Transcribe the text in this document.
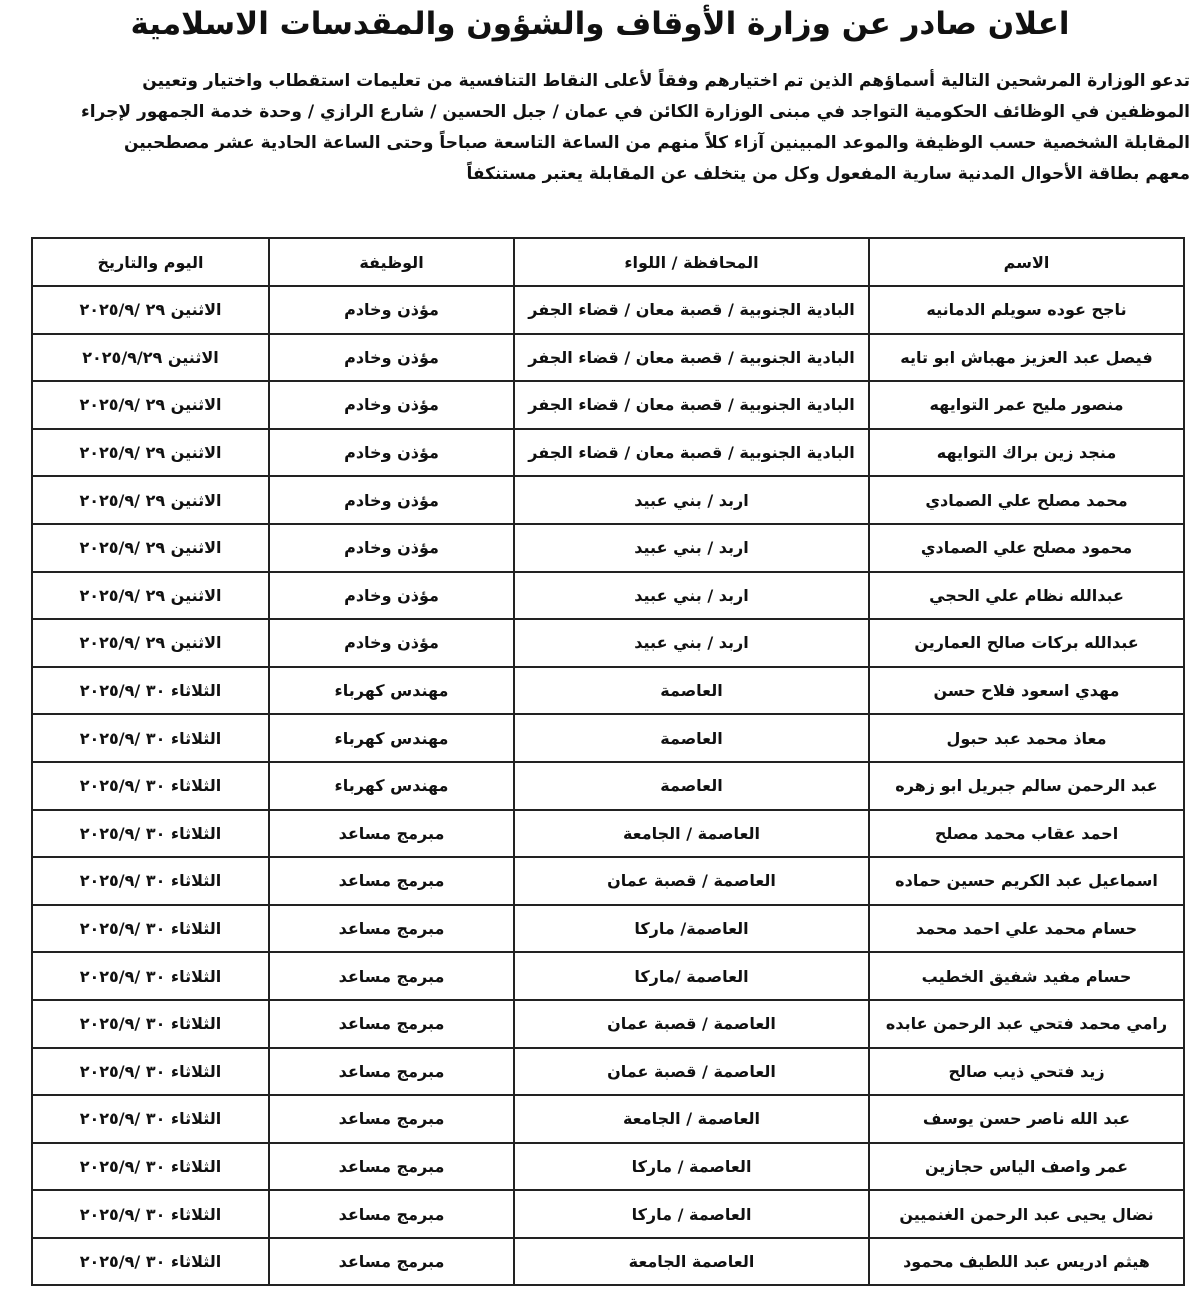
اعلان صادر عن وزارة الأوقاف والشؤون والمقدسات الاسلامية
تدعو الوزارة المرشحين التالية أسماؤهم الذين تم اختيارهم وفقاً لأعلى النقاط التنافسية من تعليمات استقطاب واختيار وتعيين
الموظفين في الوظائف الحكومية التواجد في مبنى الوزارة الكائن في عمان / جبل الحسين / شارع الرازي / وحدة خدمة الجمهور لإجراء
المقابلة الشخصية حسب الوظيفة والموعد المبينين آزاء كلاً منهم من الساعة التاسعة صباحاً وحتى الساعة الحادية عشر مصطحبين
معهم بطاقة الأحوال المدنية سارية المفعول وكل من يتخلف عن المقابلة يعتبر مستنكفاً
الاسم	المحافظة / اللواء	الوظيفة	اليوم والتاريخ
ناجح عوده سويلم الدمانيه	البادية الجنوبية / قصبة معان / قضاء الجفر	مؤذن وخادم	الاثنين ٢٩ /٢٠٢٥/٩
فيصل عبد العزيز مهباش ابو تايه	البادية الجنوبية / قصبة معان / قضاء الجفر	مؤذن وخادم	الاثنين ٢٠٢٥/٩/٢٩
منصور مليح عمر التوايهه	البادية الجنوبية / قصبة معان / قضاء الجفر	مؤذن وخادم	الاثنين ٢٩ /٢٠٢٥/٩
منجد زين براك التوايهه	البادية الجنوبية / قصبة معان / قضاء الجفر	مؤذن وخادم	الاثنين ٢٩ /٢٠٢٥/٩
محمد مصلح علي الصمادي	اربد / بني عبيد	مؤذن وخادم	الاثنين ٢٩ /٢٠٢٥/٩
محمود مصلح علي الصمادي	اربد / بني عبيد	مؤذن وخادم	الاثنين ٢٩ /٢٠٢٥/٩
عبدالله نظام علي الحجي	اربد / بني عبيد	مؤذن وخادم	الاثنين ٢٩ /٢٠٢٥/٩
عبدالله بركات صالح العمارين	اربد / بني عبيد	مؤذن وخادم	الاثنين ٢٩ /٢٠٢٥/٩
مهدي اسعود فلاح حسن	العاصمة	مهندس كهرباء	الثلاثاء ٣٠ /٢٠٢٥/٩
معاذ محمد عبد حبول	العاصمة	مهندس كهرباء	الثلاثاء ٣٠ /٢٠٢٥/٩
عبد الرحمن سالم جبريل ابو زهره	العاصمة	مهندس كهرباء	الثلاثاء ٣٠ /٢٠٢٥/٩
احمد عقاب محمد مصلح	العاصمة / الجامعة	مبرمج مساعد	الثلاثاء ٣٠ /٢٠٢٥/٩
اسماعيل عبد الكريم حسين حماده	العاصمة / قصبة عمان	مبرمج مساعد	الثلاثاء ٣٠ /٢٠٢٥/٩
حسام محمد علي احمد محمد	العاصمة/ ماركا	مبرمج مساعد	الثلاثاء ٣٠ /٢٠٢٥/٩
حسام مفيد شفيق الخطيب	العاصمة /ماركا	مبرمج مساعد	الثلاثاء ٣٠ /٢٠٢٥/٩
رامي محمد فتحي عبد الرحمن عابده	العاصمة / قصبة عمان	مبرمج مساعد	الثلاثاء ٣٠ /٢٠٢٥/٩
زيد فتحي ذيب صالح	العاصمة / قصبة عمان	مبرمج مساعد	الثلاثاء ٣٠ /٢٠٢٥/٩
عبد الله ناصر حسن يوسف	العاصمة / الجامعة	مبرمج مساعد	الثلاثاء ٣٠ /٢٠٢٥/٩
عمر واصف الياس حجازين	العاصمة / ماركا	مبرمج مساعد	الثلاثاء ٣٠ /٢٠٢٥/٩
نضال يحيى عبد الرحمن الغنميين	العاصمة / ماركا	مبرمج مساعد	الثلاثاء ٣٠ /٢٠٢٥/٩
هيثم ادريس عبد اللطيف محمود	العاصمة الجامعة	مبرمج مساعد	الثلاثاء ٣٠ /٢٠٢٥/٩
